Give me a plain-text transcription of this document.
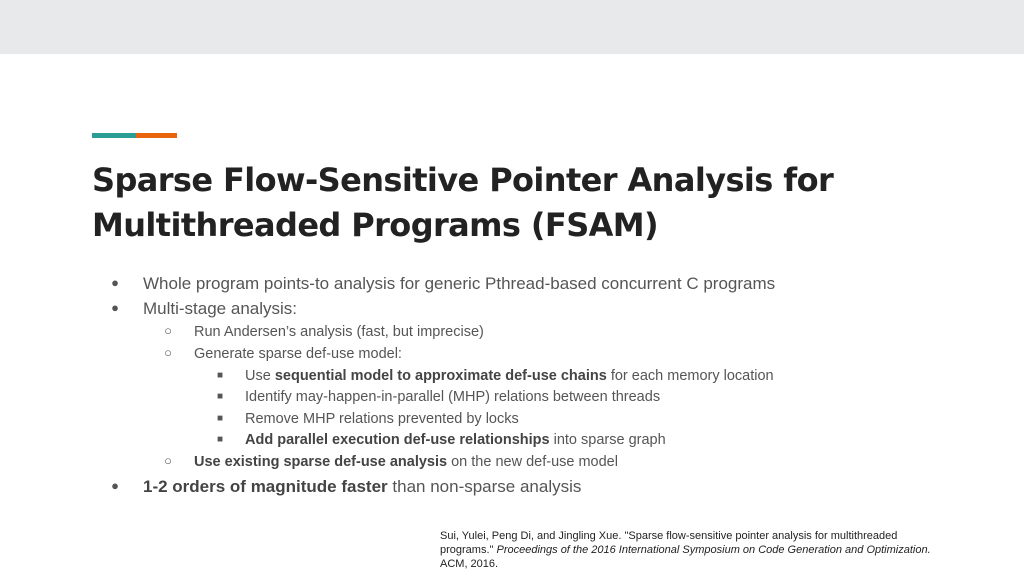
Sparse Flow-Sensitive Pointer Analysis for
Multithreaded Programs (FSAM)
● Whole program points-to analysis for generic Pthread-based concurrent C programs
● Multi-stage analysis:
○ Run Andersen’s analysis (fast, but imprecise)
○ Generate sparse def-use model:
■ Use sequential model to approximate def-use chains for each memory location
■ Identify may-happen-in-parallel (MHP) relations between threads
■ Remove MHP relations prevented by locks
■ Add parallel execution def-use relationships into sparse graph
○ Use existing sparse def-use analysis on the new def-use model
● 1-2 orders of magnitude faster than non-sparse analysis

Sui, Yulei, Peng Di, and Jingling Xue. "Sparse flow-sensitive pointer analysis for multithreaded
programs." Proceedings of the 2016 International Symposium on Code Generation and Optimization.
ACM, 2016.
